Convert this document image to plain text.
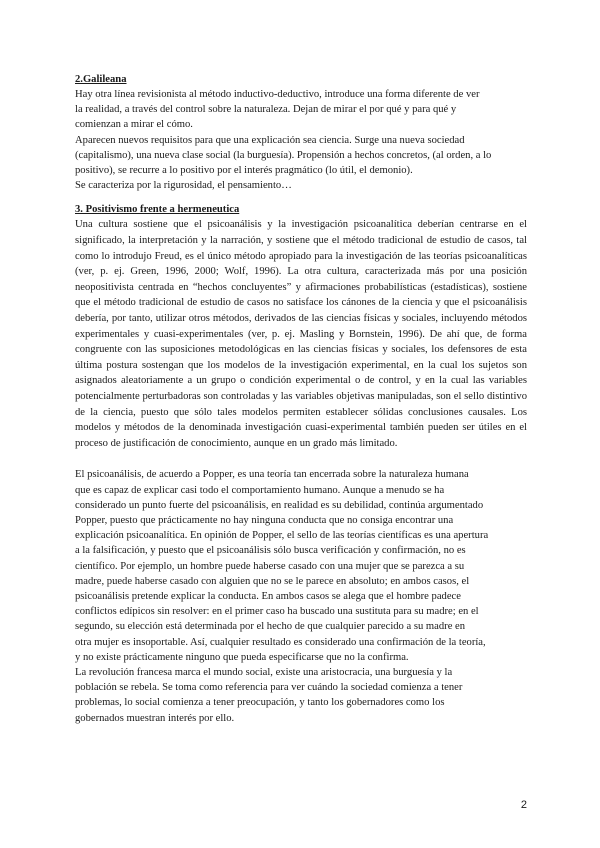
2.Galileana

Hay otra línea revisionista al método inductivo-deductivo, introduce una forma diferente de ver

la realidad, a través del control sobre la naturaleza. Dejan de mirar el por qué y para qué y

comienzan a mirar el cómo.

Aparecen nuevos requisitos para que una explicación sea ciencia. Surge una nueva sociedad

(capitalismo), una nueva clase social (la burguesía). Propensión a hechos concretos, (al orden, a lo

positivo), se recurre a lo positivo por el interés pragmático (lo útil, el demonio).

Se caracteriza por la rigurosidad, el pensamiento…

3. Positivismo frente a hermeneutica

Una cultura sostiene que el psicoanálisis y la investigación psicoanalítica deberían centrarse en el significado, la interpretación y la narración, y sostiene que el método tradicional de estudio de casos, tal como lo introdujo Freud, es el único método apropiado para la investigación de las teorías psicoanalíticas (ver, p. ej. Green, 1996, 2000; Wolf, 1996). La otra cultura, caracterizada más por una posición neopositivista centrada en “hechos concluyentes” y afirmaciones probabilísticas (estadísticas), sostiene que el método tradicional de estudio de casos no satisface los cánones de la ciencia y que el psicoanálisis debería, por tanto, utilizar otros métodos, derivados de las ciencias físicas y sociales, incluyendo métodos experimentales y cuasi-experimentales (ver, p. ej. Masling y Bornstein, 1996). De ahí que, de forma congruente con las suposiciones metodológicas en las ciencias físicas y sociales, los defensores de esta última postura sostengan que los modelos de la investigación experimental, en la cual los sujetos son asignados aleatoriamente a un grupo o condición experimental o de control, y en la cual las variables potencialmente perturbadoras son controladas y las variables objetivas manipuladas, son el sello distintivo de la ciencia, puesto que sólo tales modelos permiten establecer sólidas conclusiones causales. Los modelos y métodos de la denominada investigación cuasi-experimental también pueden ser útiles en el proceso de justificación de conocimiento, aunque en un grado más limitado.

El psicoanálisis, de acuerdo a Popper, es una teoría tan encerrada sobre la naturaleza humana

que es capaz de explicar casi todo el comportamiento humano. Aunque a menudo se ha

considerado un punto fuerte del psicoanálisis, en realidad es su debilidad, continúa argumentado

Popper, puesto que prácticamente no hay ninguna conducta que no consiga encontrar una

explicación psicoanalítica. En opinión de Popper, el sello de las teorías científicas es una apertura

a la falsificación, y puesto que el psicoanálisis sólo busca verificación y confirmación, no es

científico. Por ejemplo, un hombre puede haberse casado con una mujer que se parezca a su

madre, puede haberse casado con alguien que no se le parece en absoluto; en ambos casos, el

psicoanálisis pretende explicar la conducta. En ambos casos se alega que el hombre padece

conflictos edípicos sin resolver: en el primer caso ha buscado una sustituta para su madre; en el

segundo, su elección está determinada por el hecho de que cualquier parecido a su madre en

otra mujer es insoportable. Así, cualquier resultado es considerado una confirmación de la teoría,

y no existe prácticamente ninguno que pueda especificarse que no la confirma.

La revolución francesa marca el mundo social, existe una aristocracia, una burguesía y la

población se rebela. Se toma como referencia para ver cuándo la sociedad comienza a tener

problemas, lo social comienza a tener preocupación, y tanto los gobernadores como los

gobernados muestran interés por ello.

2
